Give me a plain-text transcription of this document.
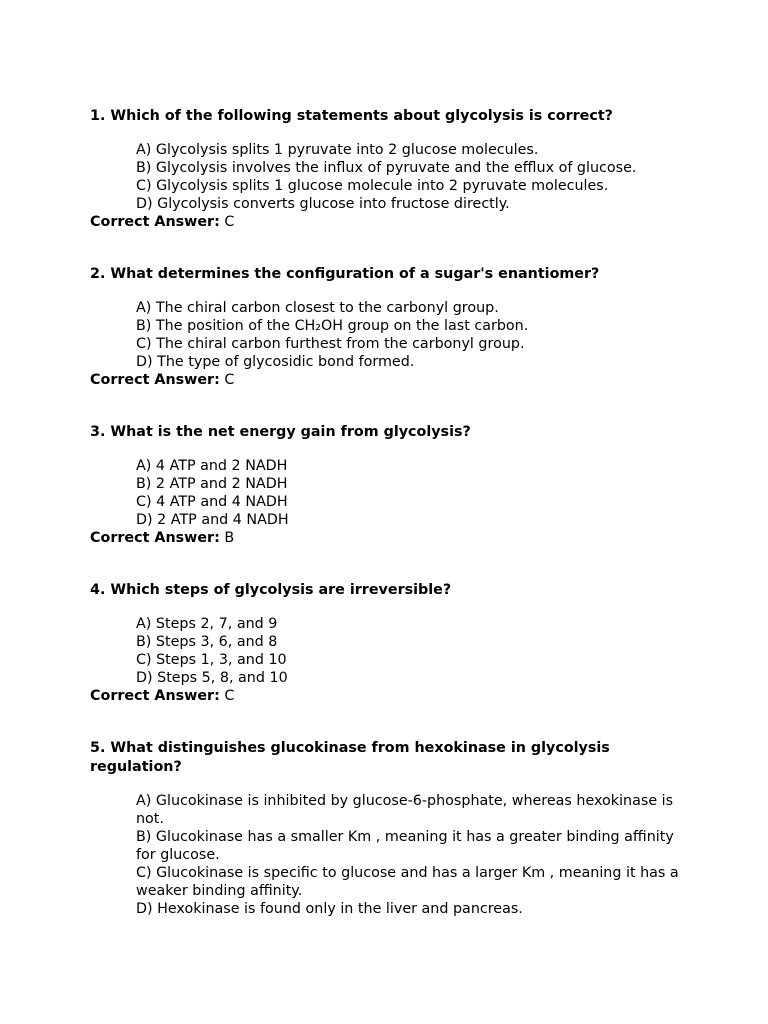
1. Which of the following statements about glycolysis is correct?
A) Glycolysis splits 1 pyruvate into 2 glucose molecules.
B) Glycolysis involves the influx of pyruvate and the efflux of glucose.
C) Glycolysis splits 1 glucose molecule into 2 pyruvate molecules.
D) Glycolysis converts glucose into fructose directly.
Correct Answer: C
2. What determines the configuration of a sugar's enantiomer?
A) The chiral carbon closest to the carbonyl group.
B) The position of the CH₂OH group on the last carbon.
C) The chiral carbon furthest from the carbonyl group.
D) The type of glycosidic bond formed.
Correct Answer: C
3. What is the net energy gain from glycolysis?
A) 4 ATP and 2 NADH
B) 2 ATP and 2 NADH
C) 4 ATP and 4 NADH
D) 2 ATP and 4 NADH
Correct Answer: B
4. Which steps of glycolysis are irreversible?
A) Steps 2, 7, and 9
B) Steps 3, 6, and 8
C) Steps 1, 3, and 10
D) Steps 5, 8, and 10
Correct Answer: C
5. What distinguishes glucokinase from hexokinase in glycolysis regulation?
A) Glucokinase is inhibited by glucose-6-phosphate, whereas hexokinase is not.
B) Glucokinase has a smaller Km , meaning it has a greater binding affinity for glucose.
C) Glucokinase is specific to glucose and has a larger Km , meaning it has a weaker binding affinity.
D) Hexokinase is found only in the liver and pancreas.
